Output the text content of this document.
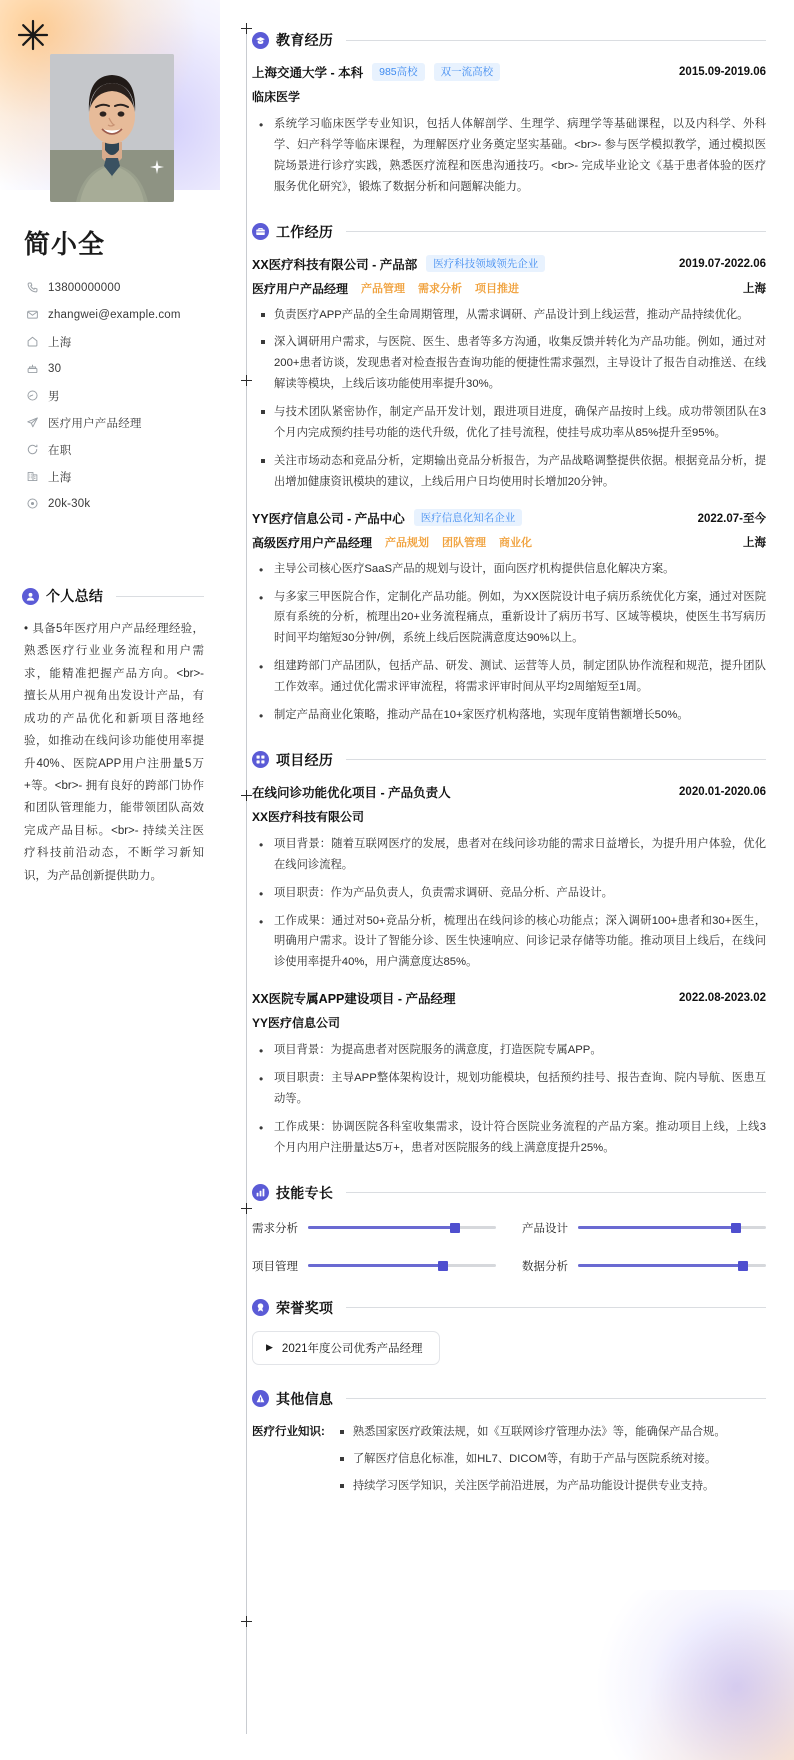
简小全
13800000000
zhangwei@example.com
上海
30
男
医疗用户产品经理
在职
上海
20k-30k
个人总结
• 具备5年医疗用户产品经理经验，熟悉医疗行业业务流程和用户需求，能精准把握产品方向。<br>- 擅长从用户视角出发设计产品，有成功的产品优化和新项目落地经验，如推动在线问诊功能使用率提升40%、医院APP用户注册量5万+等。<br>- 拥有良好的跨部门协作和团队管理能力，能带领团队高效完成产品目标。<br>- 持续关注医疗科技前沿动态，不断学习新知识，为产品创新提供助力。
教育经历
上海交通大学 - 本科	985高校	双一流高校	2015.09-2019.06
临床医学
• 系统学习临床医学专业知识，包括人体解剖学、生理学、病理学等基础课程，以及内科学、外科学、妇产科学等临床课程，为理解医疗业务奠定坚实基础。<br>- 参与医学模拟教学，通过模拟医院场景进行诊疗实践，熟悉医疗流程和医患沟通技巧。<br>- 完成毕业论文《基于患者体验的医疗服务优化研究》，锻炼了数据分析和问题解决能力。
工作经历
XX医疗科技有限公司 - 产品部	医疗科技领域领先企业	2019.07-2022.06
医疗用户产品经理 产品管理 需求分析 项目推进	上海
负责医疗APP产品的全生命周期管理，从需求调研、产品设计到上线运营，推动产品持续优化。
深入调研用户需求，与医院、医生、患者等多方沟通，收集反馈并转化为产品功能。例如，通过对200+患者访谈，发现患者对检查报告查询功能的便捷性需求强烈，主导设计了报告自动推送、在线解读等模块，上线后该功能使用率提升30%。
与技术团队紧密协作，制定产品开发计划，跟进项目进度，确保产品按时上线。成功带领团队在3个月内完成预约挂号功能的迭代升级，优化了挂号流程，使挂号成功率从85%提升至95%。
关注市场动态和竞品分析，定期输出竞品分析报告，为产品战略调整提供依据。根据竞品分析，提出增加健康资讯模块的建议，上线后用户日均使用时长增加20分钟。
YY医疗信息公司 - 产品中心	医疗信息化知名企业	2022.07-至今
高级医疗用户产品经理 产品规划 团队管理 商业化	上海
• 主导公司核心医疗SaaS产品的规划与设计，面向医疗机构提供信息化解决方案。
• 与多家三甲医院合作，定制化产品功能。例如，为XX医院设计电子病历系统优化方案，通过对医院原有系统的分析，梳理出20+业务流程痛点，重新设计了病历书写、区域等模块，使医生书写病历时间平均缩短30分钟/例，系统上线后医院满意度达90%以上。
• 组建跨部门产品团队，包括产品、研发、测试、运营等人员，制定团队协作流程和规范，提升团队工作效率。通过优化需求评审流程，将需求评审时间从平均2周缩短至1周。
• 制定产品商业化策略，推动产品在10+家医疗机构落地，实现年度销售额增长50%。
项目经历
在线问诊功能优化项目 - 产品负责人	2020.01-2020.06
XX医疗科技有限公司
• 项目背景：随着互联网医疗的发展，患者对在线问诊功能的需求日益增长，为提升用户体验，优化在线问诊流程。
• 项目职责：作为产品负责人，负责需求调研、竞品分析、产品设计。
• 工作成果：通过对50+竞品分析，梳理出在线问诊的核心功能点；深入调研100+患者和30+医生，明确用户需求。设计了智能分诊、医生快速响应、问诊记录存储等功能。推动项目上线后，在线问诊使用率提升40%，用户满意度达85%。
XX医院专属APP建设项目 - 产品经理	2022.08-2023.02
YY医疗信息公司
• 项目背景：为提高患者对医院服务的满意度，打造医院专属APP。
• 项目职责：主导APP整体架构设计，规划功能模块，包括预约挂号、报告查询、院内导航、医患互动等。
• 工作成果：协调医院各科室收集需求，设计符合医院业务流程的产品方案。推动项目上线，上线3个月内用户注册量达5万+，患者对医院服务的线上满意度提升25%。
技能专长
需求分析	产品设计
项目管理	数据分析
荣誉奖项
▶ 2021年度公司优秀产品经理
其他信息
医疗行业知识:	熟悉国家医疗政策法规，如《互联网诊疗管理办法》等，能确保产品合规。
了解医疗信息化标准，如HL7、DICOM等，有助于产品与医院系统对接。
持续学习医学知识，关注医学前沿进展，为产品功能设计提供专业支持。
